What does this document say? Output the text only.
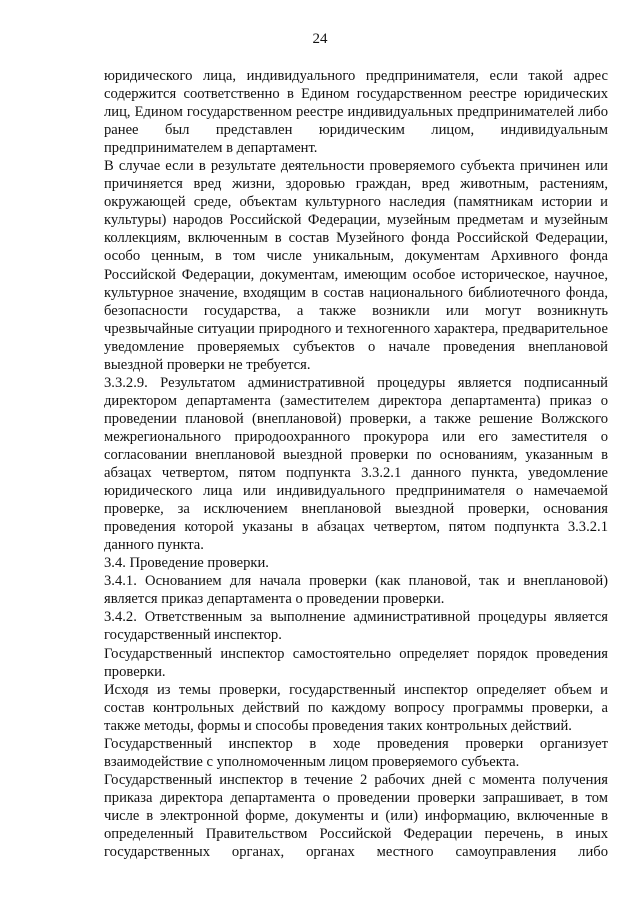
24

юридического лица, индивидуального предпринимателя, если такой адрес содержится соответственно в Едином государственном реестре юридических лиц, Едином государственном реестре индивидуальных предпринимателей либо ранее был представлен юридическим лицом, индивидуальным предпринимателем в департамент.

В случае если в результате деятельности проверяемого субъекта причинен или причиняется вред жизни, здоровью граждан, вред животным, растениям, окружающей среде, объектам культурного наследия (памятникам истории и культуры) народов Российской Федерации, музейным предметам и музейным коллекциям, включенным в состав Музейного фонда Российской Федерации, особо ценным, в том числе уникальным, документам Архивного фонда Российской Федерации, документам, имеющим особое историческое, научное, культурное значение, входящим в состав национального библиотечного фонда, безопасности государства, а также возникли или могут возникнуть чрезвычайные ситуации природного и техногенного характера, предварительное уведомление проверяемых субъектов о начале проведения внеплановой выездной проверки не требуется.

3.3.2.9. Результатом административной процедуры является подписанный директором департамента (заместителем директора департамента) приказ о проведении плановой (внеплановой) проверки, а также решение Волжского межрегионального природоохранного прокурора или его заместителя о согласовании внеплановой выездной проверки по основаниям, указанным в абзацах четвертом, пятом подпункта 3.3.2.1 данного пункта, уведомление юридического лица или индивидуального предпринимателя о намечаемой проверке, за исключением внеплановой выездной проверки, основания проведения которой указаны в абзацах четвертом, пятом подпункта 3.3.2.1 данного пункта.

3.4. Проведение проверки.

3.4.1. Основанием для начала проверки (как плановой, так и внеплановой) является приказ департамента о проведении проверки.

3.4.2. Ответственным за выполнение административной процедуры является государственный инспектор.

Государственный инспектор самостоятельно определяет порядок проведения проверки.

Исходя из темы проверки, государственный инспектор определяет объем и состав контрольных действий по каждому вопросу программы проверки, а также методы, формы и способы проведения таких контрольных действий.

Государственный инспектор в ходе проведения проверки организует взаимодействие с уполномоченным лицом проверяемого субъекта.

Государственный инспектор в течение 2 рабочих дней с момента получения приказа директора департамента о проведении проверки запрашивает, в том числе в электронной форме, документы и (или) информацию, включенные в определенный Правительством Российской Федерации перечень, в иных государственных органах, органах местного самоуправления либо
